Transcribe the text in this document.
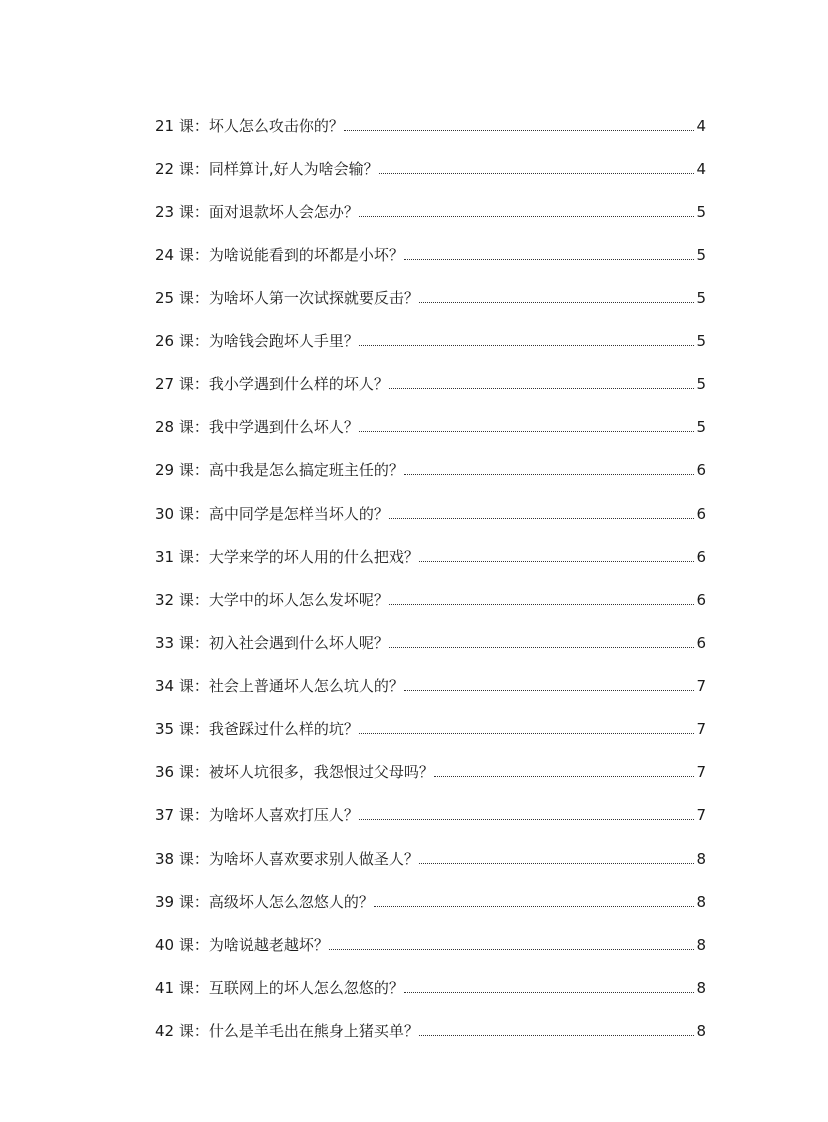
21 课：坏人怎么攻击你的？	4
22 课：同样算计,好人为啥会输？	4
23 课：面对退款坏人会怎办？	5
24 课：为啥说能看到的坏都是小坏？	5
25 课：为啥坏人第一次试探就要反击？	5
26 课：为啥钱会跑坏人手里？	5
27 课：我小学遇到什么样的坏人？	5
28 课：我中学遇到什么坏人？	5
29 课：高中我是怎么搞定班主任的？	6
30 课：高中同学是怎样当坏人的？	6
31 课：大学来学的坏人用的什么把戏？	6
32 课：大学中的坏人怎么发坏呢？	6
33 课：初入社会遇到什么坏人呢？	6
34 课：社会上普通坏人怎么坑人的？	7
35 课：我爸踩过什么样的坑？	7
36 课：被坏人坑很多，我怨恨过父母吗？	7
37 课：为啥坏人喜欢打压人？	7
38 课：为啥坏人喜欢要求别人做圣人？	8
39 课：高级坏人怎么忽悠人的？	8
40 课：为啥说越老越坏？	8
41 课：互联网上的坏人怎么忽悠的？	8
42 课：什么是羊毛出在熊身上猪买单？	8
